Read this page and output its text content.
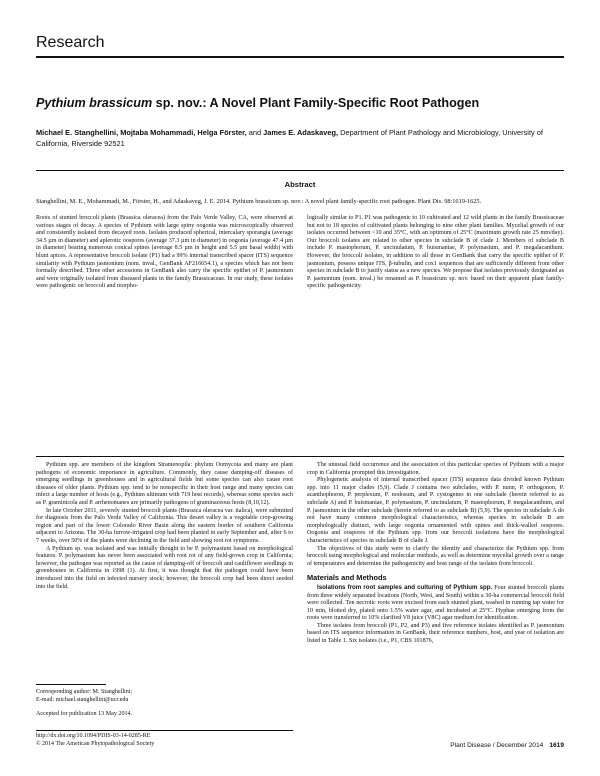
Research
Pythium brassicum sp. nov.: A Novel Plant Family-Specific Root Pathogen
Michael E. Stanghellini, Mojtaba Mohammadi, Helga Förster, and James E. Adaskaveg, Department of Plant Pathology and Microbiology, University of California, Riverside 92521
Abstract
Stanghellini, M. E., Mohammadi, M., Förster, H., and Adaskaveg, J. E. 2014. Pythium brassicum sp. nov.: A novel plant family-specific root pathogen. Plant Dis. 98:1619-1625.
Roots of stunted broccoli plants (Brassica oleracea) from the Palo Verde Valley, CA, were observed at various stages of decay. A species of Pythium with large spiny oogonia was microscopically observed and consistently isolated from decayed roots. Isolates produced spherical, intercalary sporangia (average 34.5 µm in diameter) and aplerotic oospores (average 37.3 µm in diameter) in oogonia (average 47.4 µm in diameter) bearing numerous conical spines (average 8.5 µm in height and 5.5 µm basal width) with blunt apices. A representative broccoli isolate (P1) had a 99% internal transcribed spacer (ITS) sequence similarity with Pythium jasmonium (nom. inval., GenBank AF216654.1), a species which has not been formally described. Three other accessions in GenBank also carry the specific epithet of P. jasmonium and were originally isolated from diseased plants in the family Brassicaceae. In our study, these isolates were pathogenic on broccoli and morpho-
logically similar to P1. P1 was pathogenic to 10 cultivated and 12 wild plants in the family Brassicaceae but not to 18 species of cultivated plants belonging to nine other plant families. Mycelial growth of our isolates occurred between <10 and 35°C, with an optimum of 25°C (maximum growth rate 25 mm/day). Our broccoli isolates are related to other species in subclade B of clade J. Members of subclade B include P. mastophorum, P. uncinulatum, P. buismaniae, P. polymastum, and P. megalacanthum. However, the broccoli isolates, in addition to all those in GenBank that carry the specific epithet of P. jasmonium, possess unique ITS, β-tubulin, and cox1 sequences that are sufficiently different from other species in subclade B to justify status as a new species. We propose that isolates previously designated as P. jasmonium (nom. inval.) be renamed as P. brassicum sp. nov. based on their apparent plant family-specific pathogenicity.

Pythium spp. are members of the kingdom Stramenopila: phylum Oomycota and many are plant pathogens of economic importance in agriculture. Commonly, they cause damping-off diseases of emerging seedlings in greenhouses and in agricultural fields but some species can also cause root diseases of older plants. Pythium spp. tend to be nonspecific in their host range and many species can infect a large number of hosts (e.g., Pythium ultimum with 719 host records), whereas some species such as P. graminicola and P. arrhenomanes are primarily pathogens of graminaceous hosts (8,10,12).

In late October 2011, severely stunted broccoli plants (Brassica oleracea var. italica), were submitted for diagnosis from the Palo Verde Valley of California. This desert valley is a vegetable crop-growing region and part of the lower Colorado River Basin along the eastern border of southern California adjacent to Arizona. The 30-ha furrow-irrigated crop had been planted in early September and, after 6 to 7 weeks, over 50% of the plants were declining in the field and showing root rot symptoms.

A Pythium sp. was isolated and was initially thought to be P. polymastum based on morphological features. P. polymastum has never been associated with root rot of any field-grown crop in California; however, the pathogen was reported as the cause of damping-off of broccoli and cauliflower seedlings in greenhouses in California in 1998 (1). At first, it was thought that the pathogen could have been introduced into the field on infected nursery stock; however, the broccoli crop had been direct seeded into the field.

The unusual field occurrence and the association of this particular species of Pythium with a major crop in California prompted this investigation.

Phylogenetic analysis of internal transcribed spacer (ITS) sequence data divided known Pythium spp. into 11 major clades (5,9). Clade J contains two subclades, with P. nunn, P. orthogonon, P. acanthophoron, P. perplexum, P. nodosum, and P. cystogenes in one subclade (herein referred to as subclade A) and P. buismaniae, P. polymastum, P. uncinulatum, P. mastophorum, P. megalacanthum, and P. jasmonium in the other subclade (herein referred to as subclade B) (5,9). The species in subclade A do not have many common morphological characteristics, whereas species in subclade B are morphologically distinct, with large oogonia ornamented with spines and thick-walled oospores. Oogonia and oospores of the Pythium spp. from our broccoli isolations have the morphological characteristics of species in subclade B of clade J.

The objectives of this study were to clarify the identity and characterize the Pythium spp. from broccoli using morphological and molecular methods, as well as determine mycelial growth over a range of temperatures and determine the pathogenicity and host range of the isolates from broccoli.

Materials and Methods

Isolations from root samples and culturing of Pythium spp. Four stunted broccoli plants from three widely separated locations (North, West, and South) within a 30-ha commercial broccoli field were collected. Ten necrotic roots were excised from each stunted plant, washed in running tap water for 10 min, blotted dry, plated onto 1.5% water agar, and incubated at 25°C. Hyphae emerging from the roots were transferred to 10% clarified V8 juice (V8C) agar medium for identification.

Three isolates from broccoli (P1, P2, and P3) and five reference isolates identified as P. jasmonium based on ITS sequence information in GenBank, their reference numbers, host, and year of isolation are listed in Table 1. Six isolates (i.e., P1, CBS 101876,

Corresponding author: M. Stanghellini;
E-mail: michael.stanghellini@ucr.edu
Accepted for publication 13 May 2014.
http://dx.doi.org/10.1094/PDIS-03-14-0285-RE
© 2014 The American Phytopathological Society	Plant Disease / December 2014 1619
